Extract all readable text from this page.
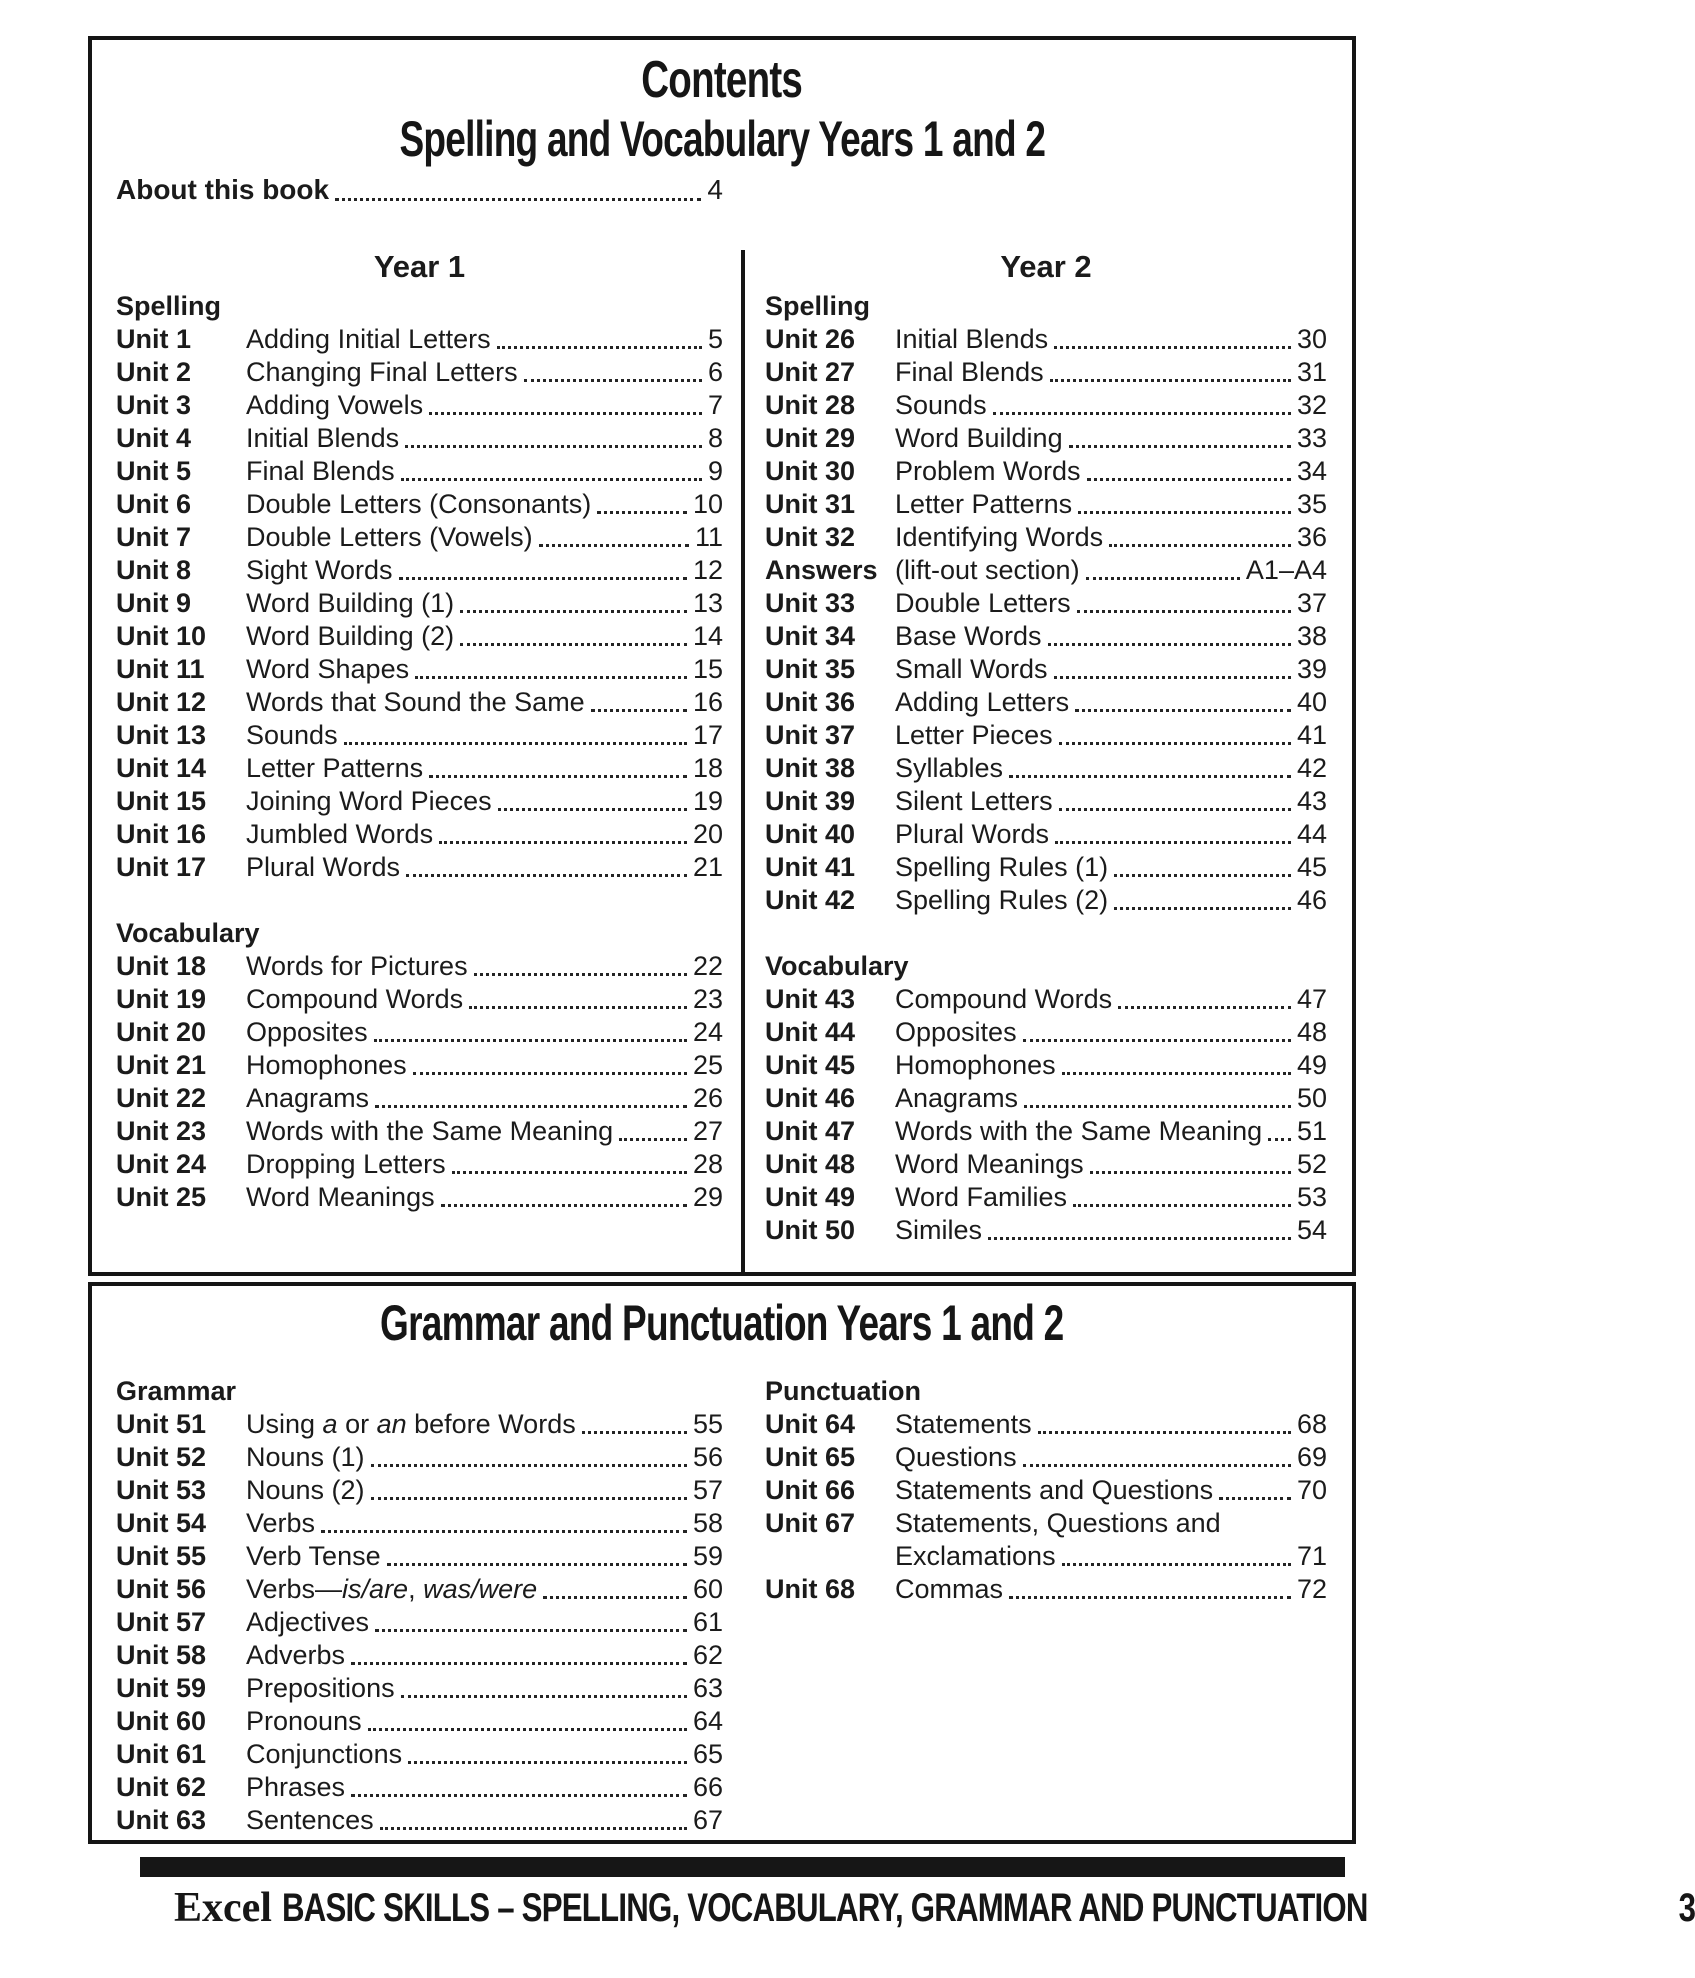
Contents
Spelling and Vocabulary Years 1 and 2
About this book	4
Year 1
Spelling
Unit 1	Adding Initial Letters	5
Unit 2	Changing Final Letters	6
Unit 3	Adding Vowels	7
Unit 4	Initial Blends	8
Unit 5	Final Blends	9
Unit 6	Double Letters (Consonants)	10
Unit 7	Double Letters (Vowels)	11
Unit 8	Sight Words	12
Unit 9	Word Building (1)	13
Unit 10	Word Building (2)	14
Unit 11	Word Shapes	15
Unit 12	Words that Sound the Same	16
Unit 13	Sounds	17
Unit 14	Letter Patterns	18
Unit 15	Joining Word Pieces	19
Unit 16	Jumbled Words	20
Unit 17	Plural Words	21
Vocabulary
Unit 18	Words for Pictures	22
Unit 19	Compound Words	23
Unit 20	Opposites	24
Unit 21	Homophones	25
Unit 22	Anagrams	26
Unit 23	Words with the Same Meaning	27
Unit 24	Dropping Letters	28
Unit 25	Word Meanings	29
Year 2
Spelling
Unit 26	Initial Blends	30
Unit 27	Final Blends	31
Unit 28	Sounds	32
Unit 29	Word Building	33
Unit 30	Problem Words	34
Unit 31	Letter Patterns	35
Unit 32	Identifying Words	36
Answers (lift-out section)	A1–A4
Unit 33	Double Letters	37
Unit 34	Base Words	38
Unit 35	Small Words	39
Unit 36	Adding Letters	40
Unit 37	Letter Pieces	41
Unit 38	Syllables	42
Unit 39	Silent Letters	43
Unit 40	Plural Words	44
Unit 41	Spelling Rules (1)	45
Unit 42	Spelling Rules (2)	46
Vocabulary
Unit 43	Compound Words	47
Unit 44	Opposites	48
Unit 45	Homophones	49
Unit 46	Anagrams	50
Unit 47	Words with the Same Meaning 51
Unit 48	Word Meanings	52
Unit 49	Word Families	53
Unit 50	Similes	54
Grammar and Punctuation Years 1 and 2
Grammar
Unit 51	Using a or an before Words	55
Unit 52	Nouns (1)	56
Unit 53	Nouns (2)	57
Unit 54	Verbs	58
Unit 55	Verb Tense	59
Unit 56	Verbs—is/are, was/were	60
Unit 57	Adjectives	61
Unit 58	Adverbs	62
Unit 59	Prepositions	63
Unit 60	Pronouns	64
Unit 61	Conjunctions	65
Unit 62	Phrases	66
Unit 63	Sentences	67
Punctuation
Unit 64	Statements	68
Unit 65	Questions	69
Unit 66	Statements and Questions	70
Unit 67	Statements, Questions and
Exclamations	71
Unit 68	Commas	72
Excel BASIC SKILLS – SPELLING, VOCABULARY, GRAMMAR AND PUNCTUATION	3
